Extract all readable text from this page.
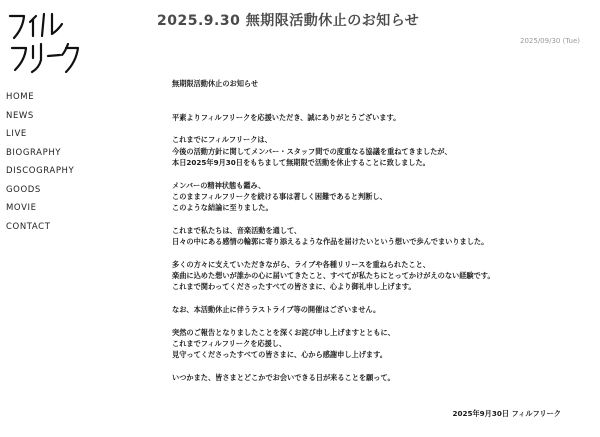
HOME
NEWS
LIVE
BIOGRAPHY
DISCOGRAPHY
GOODS
MOVIE
CONTACT
2025.9.30 無期限活動休止のお知らせ
2025/09/30 (Tue)
無期限活動休止のお知らせ
平素よりフィルフリークを応援いただき、誠にありがとうございます。
これまでにフィルフリークは、
今後の活動方針に関してメンバー・スタッフ間での度重なる協議を重ねてきましたが、
本日2025年9月30日をもちまして無期限で活動を休止することに致しました。
メンバーの精神状態も鑑み、
このままフィルフリークを続ける事は著しく困難であると判断し、
このような結論に至りました。
これまで私たちは、音楽活動を通して、
日々の中にある感情の輪郭に寄り添えるような作品を届けたいという想いで歩んでまいりました。
多くの方々に支えていただきながら、ライブや各種リリースを重ねられたこと、
楽曲に込めた想いが誰かの心に届いてきたこと、すべてが私たちにとってかけがえのない経験です。
これまで関わってくださったすべての皆さまに、心より御礼申し上げます。
なお、本活動休止に伴うラストライブ等の開催はございません。
突然のご報告となりましたことを深くお詫び申し上げますとともに、
これまでフィルフリークを応援し、
見守ってくださったすべての皆さまに、心から感謝申し上げます。
いつかまた、皆さまとどこかでお会いできる日が来ることを願って。
2025年9月30日 フィルフリーク
